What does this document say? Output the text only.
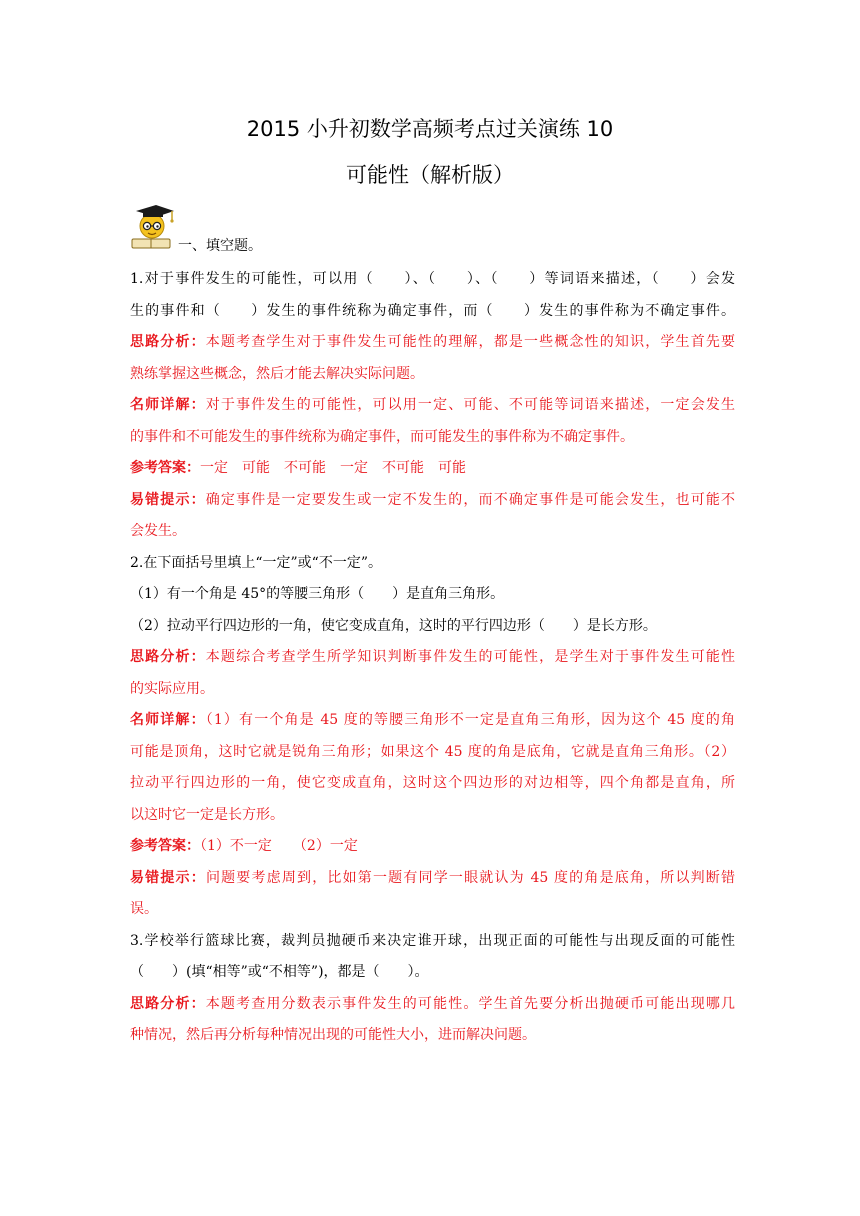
2015 小升初数学高频考点过关演练 10
可能性（解析版）
一、填空题。
1.对于事件发生的可能性，可以用（　　）、（　　）、（　　）等词语来描述，（　　）会发
生的事件和（　　）发生的事件统称为确定事件，而（　　）发生的事件称为不确定事件。
思路分析：本题考查学生对于事件发生可能性的理解，都是一些概念性的知识，学生首先要
熟练掌握这些概念，然后才能去解决实际问题。
名师详解：对于事件发生的可能性，可以用一定、可能、不可能等词语来描述，一定会发生
的事件和不可能发生的事件统称为确定事件，而可能发生的事件称为不确定事件。
参考答案：一定　可能　不可能　一定　不可能　可能
易错提示：确定事件是一定要发生或一定不发生的，而不确定事件是可能会发生，也可能不
会发生。
2.在下面括号里填上“一定”或“不一定”。
（1）有一个角是 45°的等腰三角形（　　）是直角三角形。
（2）拉动平行四边形的一角，使它变成直角，这时的平行四边形（　　）是长方形。
思路分析：本题综合考查学生所学知识判断事件发生的可能性，是学生对于事件发生可能性
的实际应用。
名师详解：（1）有一个角是 45 度的等腰三角形不一定是直角三角形，因为这个 45 度的角
可能是顶角，这时它就是锐角三角形；如果这个 45 度的角是底角，它就是直角三角形。（2）
拉动平行四边形的一角，使它变成直角，这时这个四边形的对边相等，四个角都是直角，所
以这时它一定是长方形。
参考答案：（1）不一定　　（2）一定
易错提示：问题要考虑周到，比如第一题有同学一眼就认为 45 度的角是底角，所以判断错
误。
3.学校举行篮球比赛，裁判员抛硬币来决定谁开球，出现正面的可能性与出现反面的可能性
（　　）(填“相等”或“不相等”)，都是（　　）。
思路分析：本题考查用分数表示事件发生的可能性。学生首先要分析出抛硬币可能出现哪几
种情况，然后再分析每种情况出现的可能性大小，进而解决问题。
